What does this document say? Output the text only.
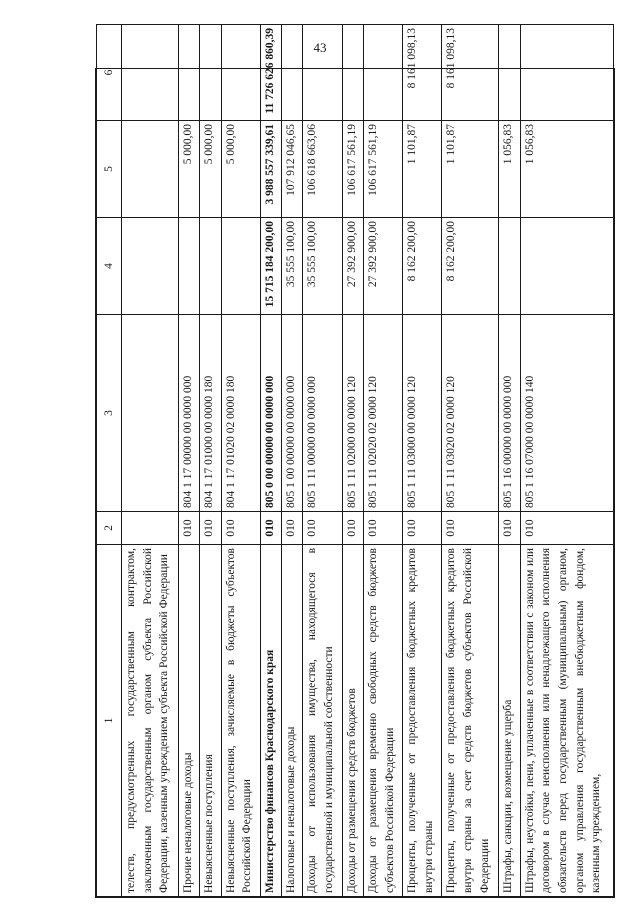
43
1	2	3	4	5	6
телеств, предусмотренных государственным контрактом, заключенным государственным органом субъекта Российской Федерации, казенным учреждением субъекта Российской Федерации					
Прочие неналоговые доходы	010	804 1 17 00000 00 0000 000		5 000,00	
Невыясненные поступления	010	804 1 17 01000 00 0000 180		5 000,00	
Невыясненные поступления, зачисляемые в бюджеты субъектов Российской Федерации	010	804 1 17 01020 02 0000 180		5 000,00	
Министерство финансов Краснодарского края	010	805 0 00 00000 00 0000 000	15 715 184 200,00	3 988 557 339,61	11 726 626 860,39
Налоговые и неналоговые доходы	010	805 1 00 00000 00 0000 000	35 555 100,00	107 912 046,65	
Доходы от использования имущества, находящегося в государственной и муниципальной собственности	010	805 1 11 00000 00 0000 000	35 555 100,00	106 618 663,06	
Доходы от размещения средств бюджетов	010	805 1 11 02000 00 0000 120	27 392 900,00	106 617 561,19	
Доходы от размещения временно свободных средств бюджетов субъектов Российской Федерации	010	805 1 11 02020 02 0000 120	27 392 900,00	106 617 561,19	
Проценты, полученные от предоставления бюджетных кредитов внутри страны	010	805 1 11 03000 00 0000 120	8 162 200,00	1 101,87	8 161 098,13
Проценты, полученные от предоставления бюджетных кредитов внутри страны за счет средств бюджетов субъектов Российской Федерации	010	805 1 11 03020 02 0000 120	8 162 200,00	1 101,87	8 161 098,13
Штрафы, санкции, возмещение ущерба	010	805 1 16 00000 00 0000 000		1 056,83	
Штрафы, неустойки, пени, уплаченные в соответствии с законом или договором в случае неисполнения или ненадлежащего исполнения обязательств перед государственным (муниципальным) органом, органом управления государственным внебюджетным фондом, казенным учреждением,	010	805 1 16 07000 00 0000 140		1 056,83	
